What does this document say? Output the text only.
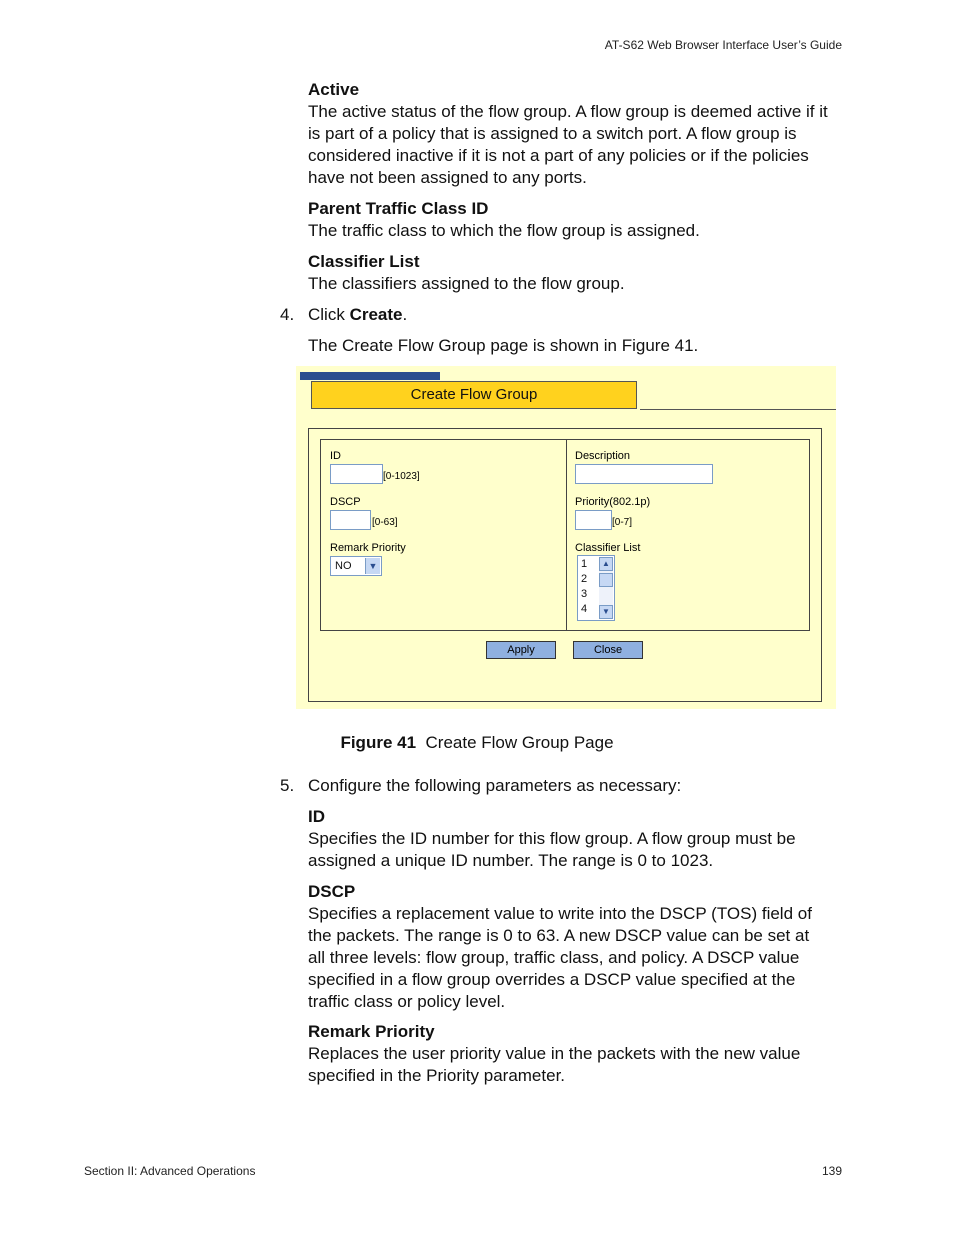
AT-S62 Web Browser Interface User’s Guide
Active
The active status of the flow group. A flow group is deemed active if it is part of a policy that is assigned to a switch port. A flow group is considered inactive if it is not a part of any policies or if the policies have not been assigned to any ports.
Parent Traffic Class ID
The traffic class to which the flow group is assigned.
Classifier List
The classifiers assigned to the flow group.
4. Click Create.
The Create Flow Group page is shown in Figure 41.
Create Flow Group
ID
[0-1023]
DSCP
[0-63]
Remark Priority
NO	▼
Description
Priority(802.1p)
[0-7]
Classifier List
1
2
3
4
▲
▼
Apply	Close
Figure 41 Create Flow Group Page
5. Configure the following parameters as necessary:
ID
Specifies the ID number for this flow group. A flow group must be assigned a unique ID number. The range is 0 to 1023.
DSCP
Specifies a replacement value to write into the DSCP (TOS) field of the packets. The range is 0 to 63. A new DSCP value can be set at all three levels: flow group, traffic class, and policy. A DSCP value specified in a flow group overrides a DSCP value specified at the traffic class or policy level.
Remark Priority
Replaces the user priority value in the packets with the new value specified in the Priority parameter.
Section II: Advanced Operations	139
